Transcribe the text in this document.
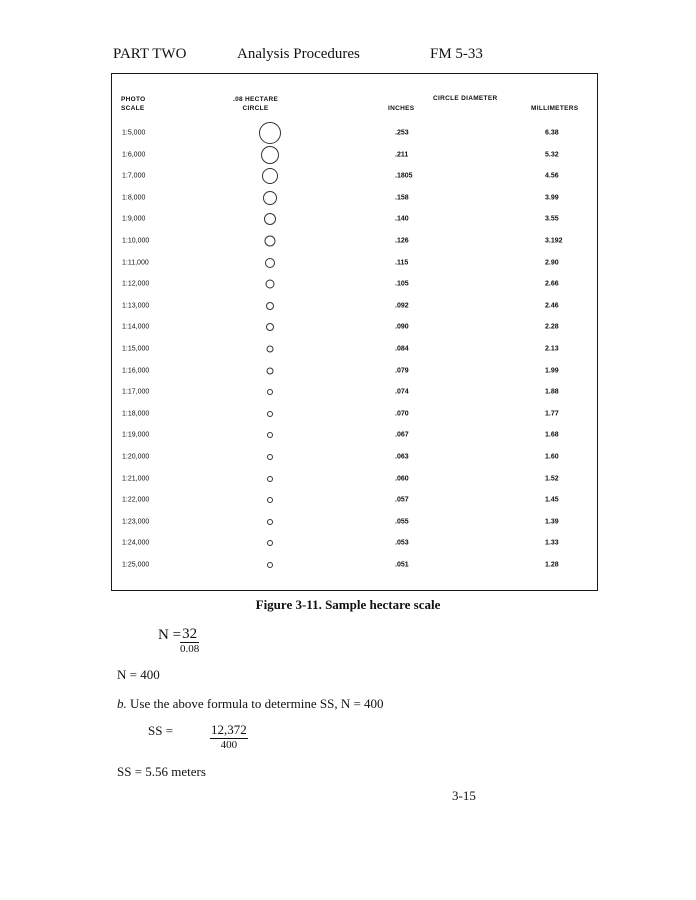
PART TWO	Analysis Procedures	FM 5-33
PHOTO
SCALE
.08 HECTARE
CIRCLE
CIRCLE DIAMETER
INCHES	MILLIMETERS
1:5,000	.253	6.38
1:6,000	.211	5.32
1:7,000	.1805	4.56
1:8,000	.158	3.99
1:9,000	.140	3.55
1:10,000	.126	3.192
1:11,000	.115	2.90
1:12,000	.105	2.66
1:13,000	.092	2.46
1:14,000	.090	2.28
1:15,000	.084	2.13
1:16,000	.079	1.99
1:17,000	.074	1.88
1:18,000	.070	1.77
1:19,000	.067	1.68
1:20,000	.063	1.60
1:21,000	.060	1.52
1:22,000	.057	1.45
1:23,000	.055	1.39
1:24,000	.053	1.33
1:25,000	.051	1.28
Figure 3-11. Sample hectare scale
N = 32
0.08
N = 400
b. Use the above formula to determine SS, N = 400
SS =	12,372
400
SS = 5.56 meters
3-15
